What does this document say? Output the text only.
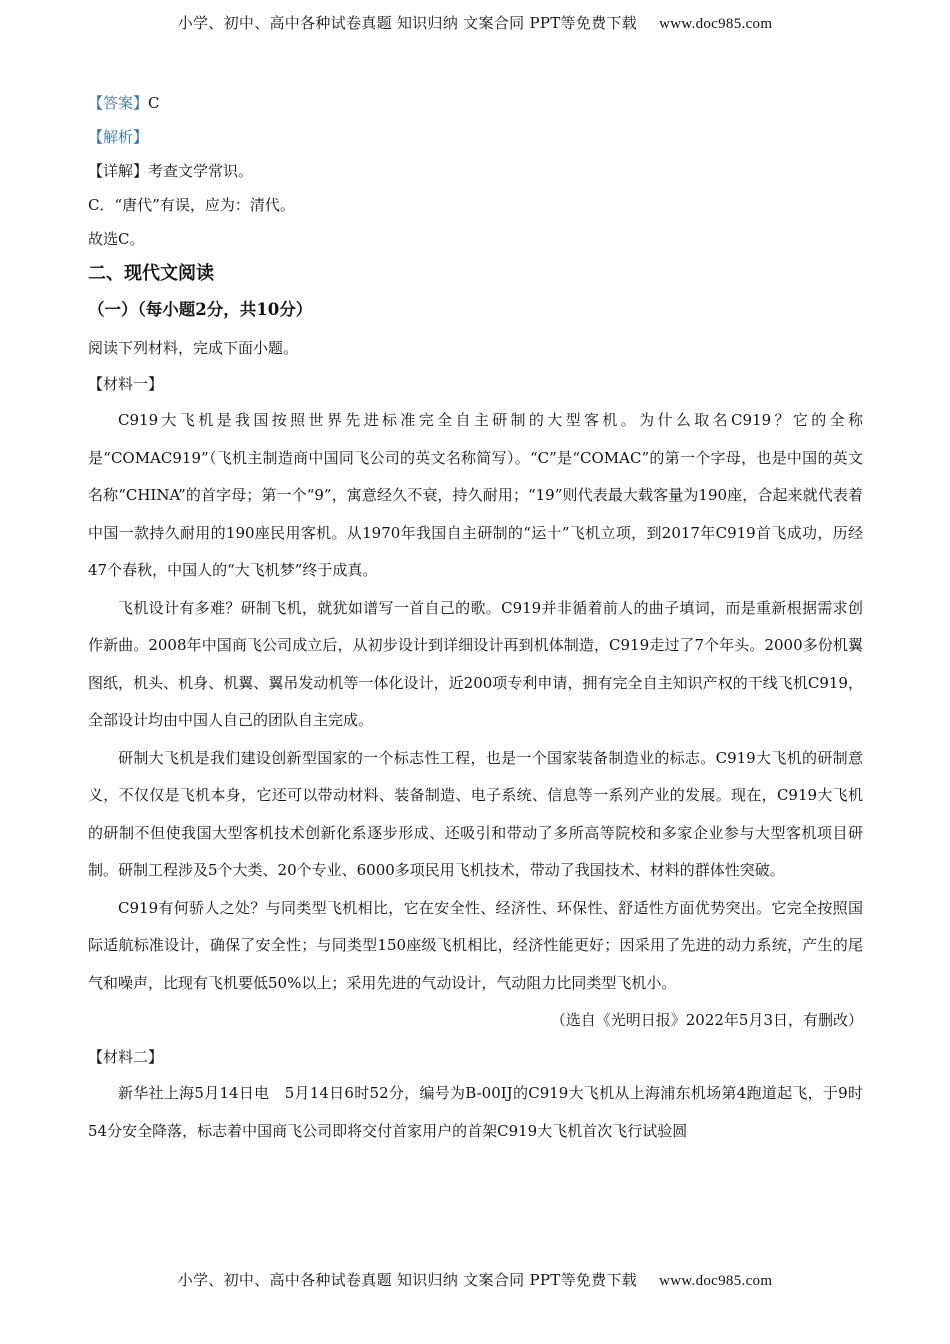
小学、初中、高中各种试卷真题 知识归纳 文案合同 PPT等免费下载 www.doc985.com
【答案】C
【解析】
【详解】考查文学常识。
C．“唐代”有误，应为：清代。
故选C。
二、现代文阅读
（一）（每小题2分，共10分）
阅读下列材料，完成下面小题。
【材料一】

C919大飞机是我国按照世界先进标准完全自主研制的大型客机。为什么取名C919？它的全称是“COMAC919”（飞机主制造商中国同飞公司的英文名称简写）。“C”是“COMAC”的第一个字母，也是中国的英文名称“CHINA”的首字母；第一个“9”，寓意经久不衰，持久耐用；“19”则代表最大载客量为190座，合起来就代表着中国一款持久耐用的190座民用客机。从1970年我国自主研制的“运十”飞机立项，到2017年C919首飞成功，历经47个春秋，中国人的“大飞机梦”终于成真。

飞机设计有多难？研制飞机，就犹如谱写一首自己的歌。C919并非循着前人的曲子填词，而是重新根据需求创作新曲。2008年中国商飞公司成立后，从初步设计到详细设计再到机体制造，C919走过了7个年头。2000多份机翼图纸，机头、机身、机翼、翼吊发动机等一体化设计，近200项专利申请，拥有完全自主知识产权的干线飞机C919，全部设计均由中国人自己的团队自主完成。

研制大飞机是我们建设创新型国家的一个标志性工程，也是一个国家装备制造业的标志。C919大飞机的研制意义，不仅仅是飞机本身，它还可以带动材料、装备制造、电子系统、信息等一系列产业的发展。现在，C919大飞机的研制不但使我国大型客机技术创新化系逐步形成、还吸引和带动了多所高等院校和多家企业参与大型客机项目研制。研制工程涉及5个大类、20个专业、6000多项民用飞机技术，带动了我国技术、材料的群体性突破。

C919有何骄人之处？与同类型飞机相比，它在安全性、经济性、环保性、舒适性方面优势突出。它完全按照国际适航标准设计，确保了安全性；与同类型150座级飞机相比，经济性能更好；因采用了先进的动力系统，产生的尾气和噪声，比现有飞机要低50%以上；采用先进的气动设计，气动阻力比同类型飞机小。

（选自《光明日报》2022年5月3日，有删改）
【材料二】

新华社上海5月14日电　5月14日6时52分，编号为B-00IJ的C919大飞机从上海浦东机场第4跑道起飞，于9时54分安全降落，标志着中国商飞公司即将交付首家用户的首架C919大飞机首次飞行试验圆

小学、初中、高中各种试卷真题 知识归纳 文案合同 PPT等免费下载 www.doc985.com
